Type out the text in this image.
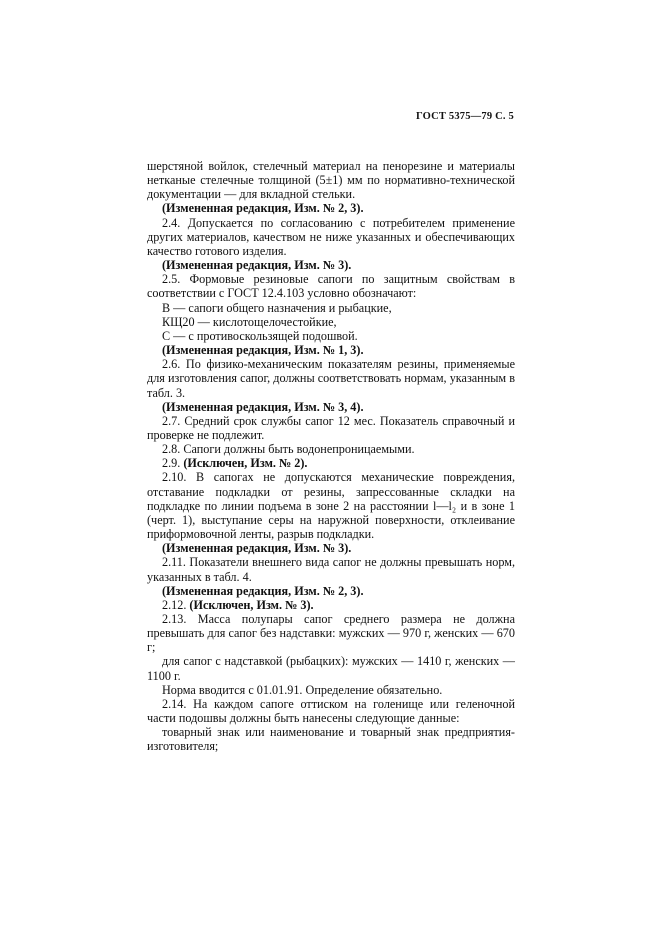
ГОСТ 5375—79 С. 5
шерстяной войлок, стелечный материал на пенорезине и материалы нетканые стелечные толщиной (5±1) мм по нормативно-технической документации — для вкладной стельки.
(Измененная редакция, Изм. № 2, 3).
2.4. Допускается по согласованию с потребителем применение других материалов, качеством не ниже указанных и обеспечивающих качество готового изделия.
(Измененная редакция, Изм. № 3).
2.5. Формовые резиновые сапоги по защитным свойствам в соответствии с ГОСТ 12.4.103 условно обозначают:
В — сапоги общего назначения и рыбацкие,
КЩ20 — кислотощелочестойкие,
С — с противоскользящей подошвой.
(Измененная редакция, Изм. № 1, 3).
2.6. По физико-механическим показателям резины, применяемые для изготовления сапог, должны соответствовать нормам, указанным в табл. 3.
(Измененная редакция, Изм. № 3, 4).
2.7. Средний срок службы сапог 12 мес. Показатель справочный и проверке не подлежит.
2.8. Сапоги должны быть водонепроницаемыми.
2.9. (Исключен, Изм. № 2).
2.10. В сапогах не допускаются механические повреждения, отставание подкладки от резины, запрессованные складки на подкладке по линии подъема в зоне 2 на расстоянии l—l₂ и в зоне 1 (черт. 1), выступание серы на наружной поверхности, отклеивание приформовочной ленты, разрыв подкладки.
(Измененная редакция, Изм. № 3).
2.11. Показатели внешнего вида сапог не должны превышать норм, указанных в табл. 4.
(Измененная редакция, Изм. № 2, 3).
2.12. (Исключен, Изм. № 3).
2.13. Масса полупары сапог среднего размера не должна превышать для сапог без надставки: мужских — 970 г, женских — 670 г;
для сапог с надставкой (рыбацких): мужских — 1410 г, женских — 1100 г.
Норма вводится с 01.01.91. Определение обязательно.
2.14. На каждом сапоге оттиском на голенище или геленочной части подошвы должны быть нанесены следующие данные:
товарный знак или наименование и товарный знак предприятия-изготовителя;
